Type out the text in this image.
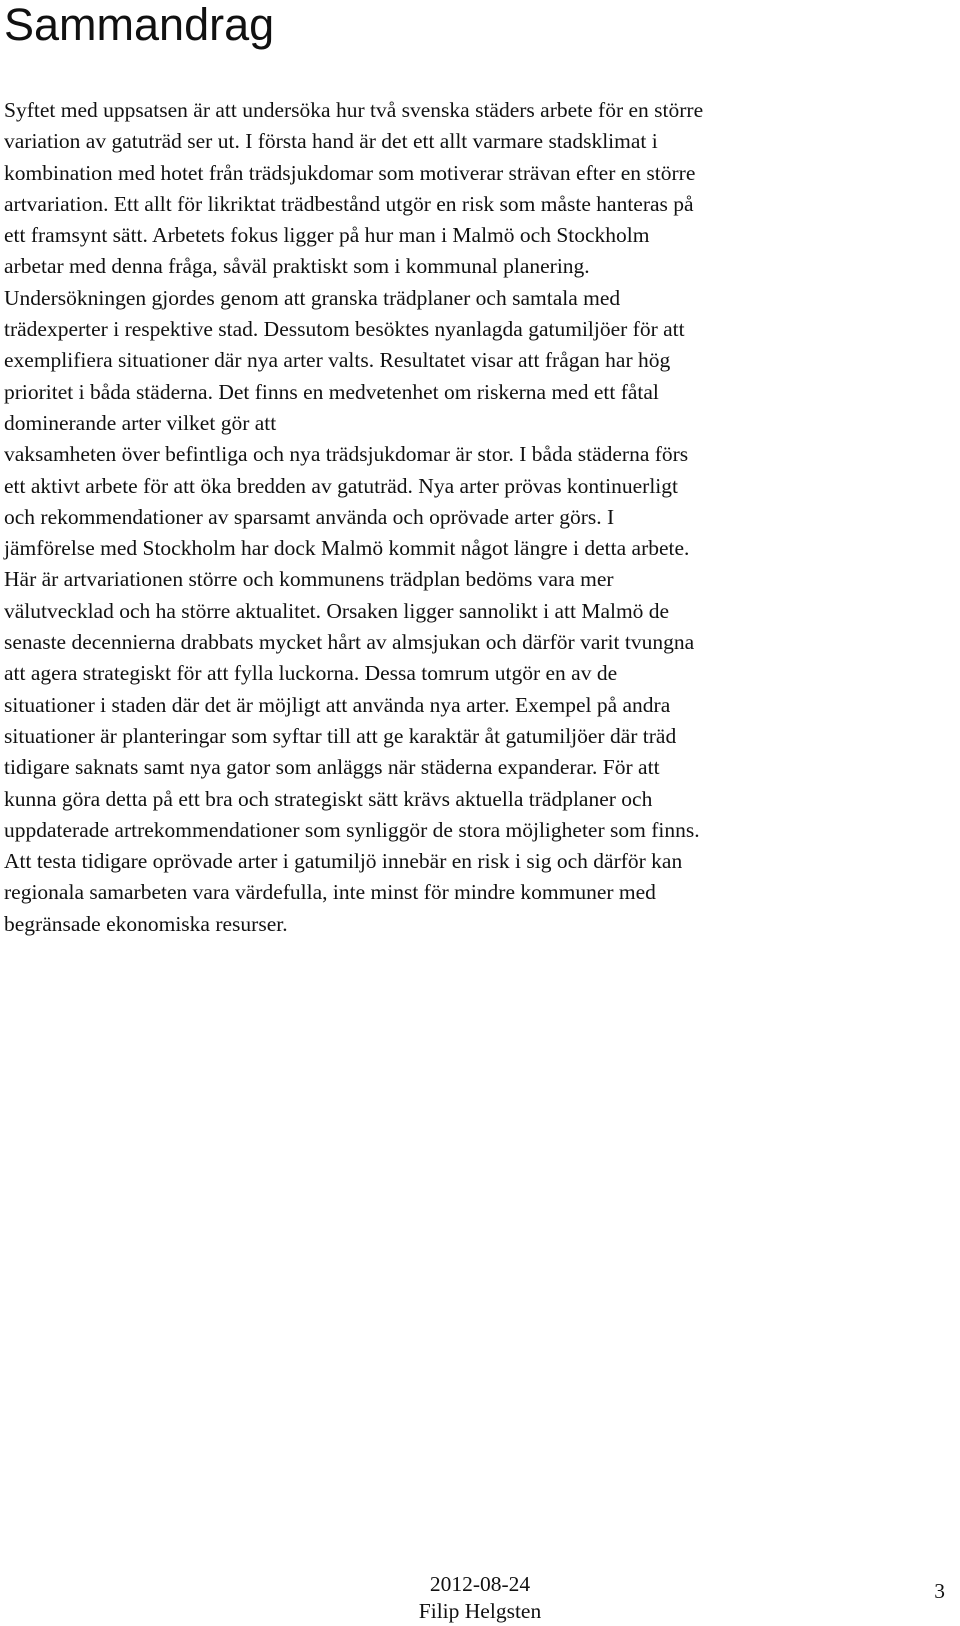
Sammandrag
Syftet med uppsatsen är att undersöka hur två svenska städers arbete för en större
variation av gatuträd ser ut. I första hand är det ett allt varmare stadsklimat i
kombination med hotet från trädsjukdomar som motiverar strävan efter en större
artvariation. Ett allt för likriktat trädbestånd utgör en risk som måste hanteras på
ett framsynt sätt. Arbetets fokus ligger på hur man i Malmö och Stockholm
arbetar med denna fråga, såväl praktiskt som i kommunal planering.
Undersökningen gjordes genom att granska trädplaner och samtala med
trädexperter i respektive stad. Dessutom besöktes nyanlagda gatumiljöer för att
exemplifiera situationer där nya arter valts. Resultatet visar att frågan har hög
prioritet i båda städerna. Det finns en medvetenhet om riskerna med ett fåtal
dominerande arter vilket gör att
vaksamheten över befintliga och nya trädsjukdomar är stor. I båda städerna förs
ett aktivt arbete för att öka bredden av gatuträd. Nya arter prövas kontinuerligt
och rekommendationer av sparsamt använda och oprövade arter görs. I
jämförelse med Stockholm har dock Malmö kommit något längre i detta arbete.
Här är artvariationen större och kommunens trädplan bedöms vara mer
välutvecklad och ha större aktualitet. Orsaken ligger sannolikt i att Malmö de
senaste decennierna drabbats mycket hårt av almsjukan och därför varit tvungna
att agera strategiskt för att fylla luckorna. Dessa tomrum utgör en av de
situationer i staden där det är möjligt att använda nya arter. Exempel på andra
situationer är planteringar som syftar till att ge karaktär åt gatumiljöer där träd
tidigare saknats samt nya gator som anläggs när städerna expanderar. För att
kunna göra detta på ett bra och strategiskt sätt krävs aktuella trädplaner och
uppdaterade artrekommendationer som synliggör de stora möjligheter som finns.
Att testa tidigare oprövade arter i gatumiljö innebär en risk i sig och därför kan
regionala samarbeten vara värdefulla, inte minst för mindre kommuner med
begränsade ekonomiska resurser.
2012-08-24
Filip Helgsten
3
